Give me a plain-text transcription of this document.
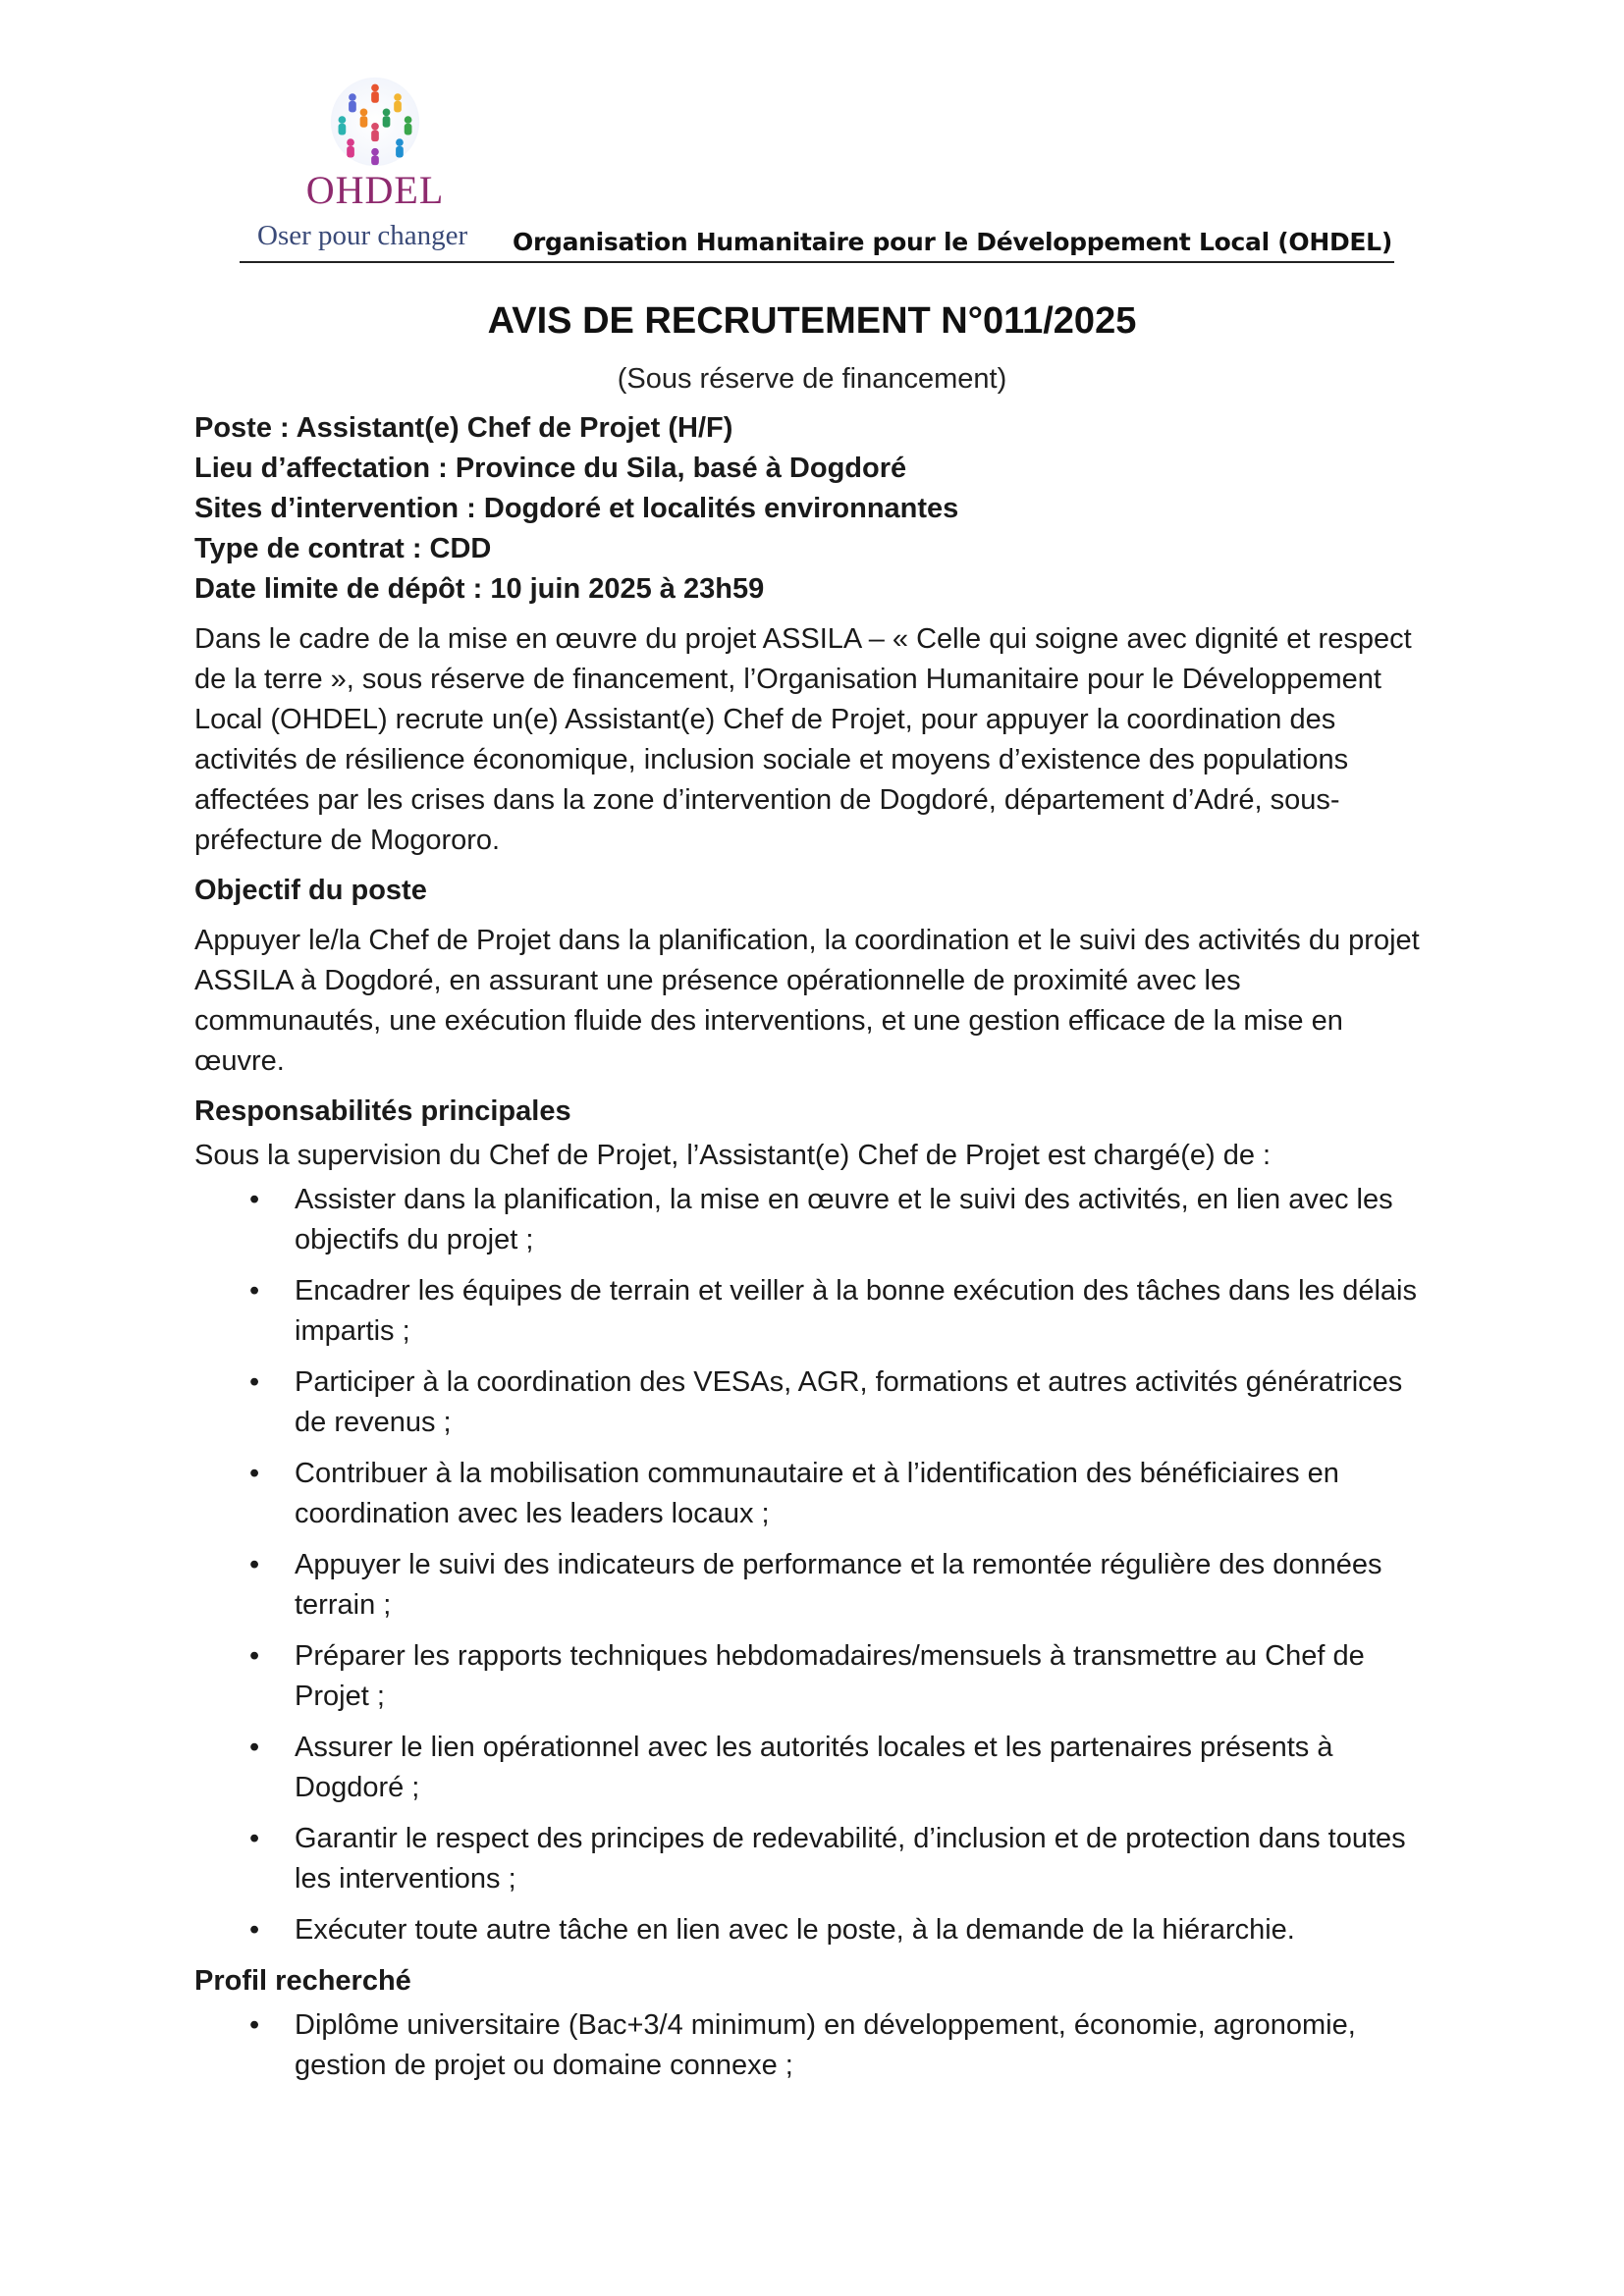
OHDEL
Oser pour changer	Organisation Humanitaire pour le Développement Local (OHDEL)
AVIS DE RECRUTEMENT N°011/2025
(Sous réserve de financement)

Poste : Assistant(e) Chef de Projet (H/F)

Lieu d’affectation : Province du Sila, basé à Dogdoré

Sites d’intervention : Dogdoré et localités environnantes

Type de contrat : CDD

Date limite de dépôt : 10 juin 2025 à 23h59

Dans le cadre de la mise en œuvre du projet ASSILA – « Celle qui soigne avec dignité et respect de la terre », sous réserve de financement, l’Organisation Humanitaire pour le Développement Local (OHDEL) recrute un(e) Assistant(e) Chef de Projet, pour appuyer la coordination des activités de résilience économique, inclusion sociale et moyens d’existence des populations affectées par les crises dans la zone d’intervention de Dogdoré, département d’Adré, sous-préfecture de Mogororo.

Objectif du poste

Appuyer le/la Chef de Projet dans la planification, la coordination et le suivi des activités du projet ASSILA à Dogdoré, en assurant une présence opérationnelle de proximité avec les communautés, une exécution fluide des interventions, et une gestion efficace de la mise en œuvre.

Responsabilités principales

Sous la supervision du Chef de Projet, l’Assistant(e) Chef de Projet est chargé(e) de :

• Assister dans la planification, la mise en œuvre et le suivi des activités, en lien avec les objectifs du projet ;
• Encadrer les équipes de terrain et veiller à la bonne exécution des tâches dans les délais impartis ;
• Participer à la coordination des VESAs, AGR, formations et autres activités génératrices de revenus ;
• Contribuer à la mobilisation communautaire et à l’identification des bénéficiaires en coordination avec les leaders locaux ;
• Appuyer le suivi des indicateurs de performance et la remontée régulière des données terrain ;
• Préparer les rapports techniques hebdomadaires/mensuels à transmettre au Chef de Projet ;
• Assurer le lien opérationnel avec les autorités locales et les partenaires présents à Dogdoré ;
• Garantir le respect des principes de redevabilité, d’inclusion et de protection dans toutes les interventions ;
• Exécuter toute autre tâche en lien avec le poste, à la demande de la hiérarchie.

Profil recherché

• Diplôme universitaire (Bac+3/4 minimum) en développement, économie, agronomie, gestion de projet ou domaine connexe ;
